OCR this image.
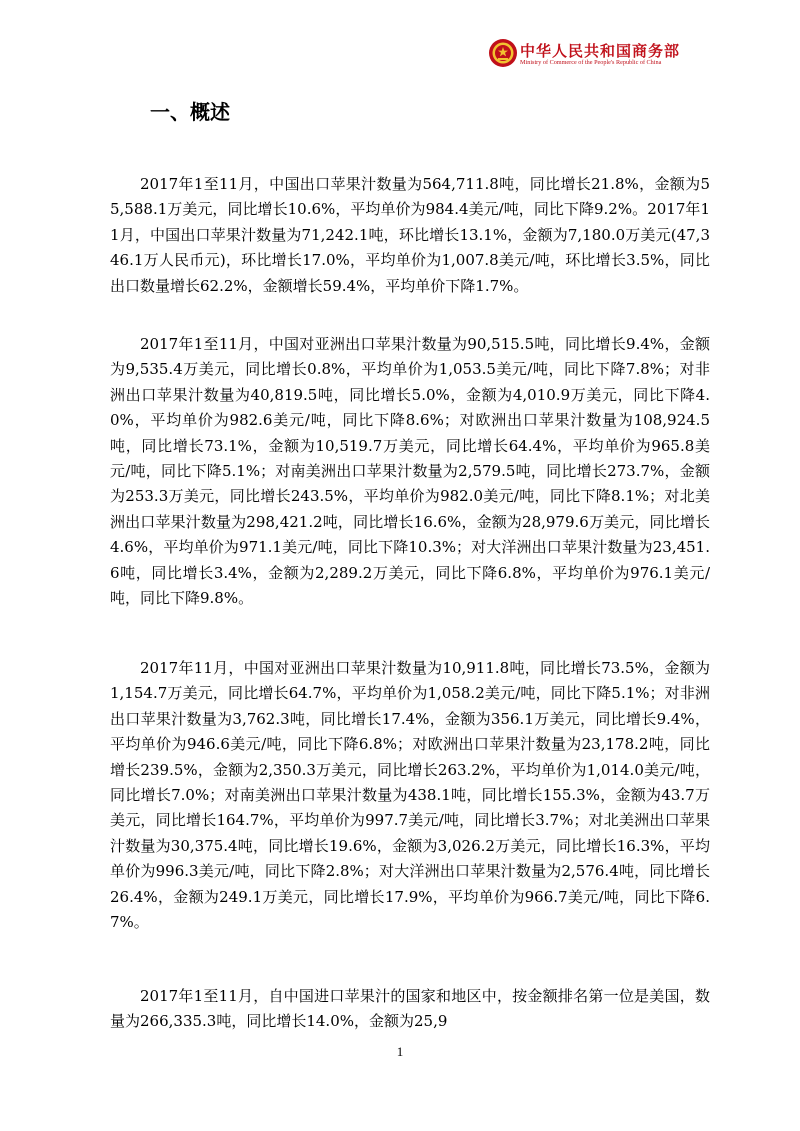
中华人民共和国商务部
Ministry of Commerce of the People's Republic of China
一、概述

2017年1至11月，中国出口苹果汁数量为564,711.8吨，同比增长21.8%，金额为55,588.1万美元，同比增长10.6%，平均单价为984.4美元/吨，同比下降9.2%。2017年11月，中国出口苹果汁数量为71,242.1吨，环比增长13.1%，金额为7,180.0万美元(47,346.1万人民币元)，环比增长17.0%，平均单价为1,007.8美元/吨，环比增长3.5%，同比出口数量增长62.2%，金额增长59.4%，平均单价下降1.7%。

2017年1至11月，中国对亚洲出口苹果汁数量为90,515.5吨，同比增长9.4%，金额为9,535.4万美元，同比增长0.8%，平均单价为1,053.5美元/吨，同比下降7.8%；对非洲出口苹果汁数量为40,819.5吨，同比增长5.0%，金额为4,010.9万美元，同比下降4.0%，平均单价为982.6美元/吨，同比下降8.6%；对欧洲出口苹果汁数量为108,924.5吨，同比增长73.1%，金额为10,519.7万美元，同比增长64.4%，平均单价为965.8美元/吨，同比下降5.1%；对南美洲出口苹果汁数量为2,579.5吨，同比增长273.7%，金额为253.3万美元，同比增长243.5%，平均单价为982.0美元/吨，同比下降8.1%；对北美洲出口苹果汁数量为298,421.2吨，同比增长16.6%，金额为28,979.6万美元，同比增长4.6%，平均单价为971.1美元/吨，同比下降10.3%；对大洋洲出口苹果汁数量为23,451.6吨，同比增长3.4%，金额为2,289.2万美元，同比下降6.8%，平均单价为976.1美元/吨，同比下降9.8%。

2017年11月，中国对亚洲出口苹果汁数量为10,911.8吨，同比增长73.5%，金额为1,154.7万美元，同比增长64.7%，平均单价为1,058.2美元/吨，同比下降5.1%；对非洲出口苹果汁数量为3,762.3吨，同比增长17.4%，金额为356.1万美元，同比增长9.4%，平均单价为946.6美元/吨，同比下降6.8%；对欧洲出口苹果汁数量为23,178.2吨，同比增长239.5%，金额为2,350.3万美元，同比增长263.2%，平均单价为1,014.0美元/吨，同比增长7.0%；对南美洲出口苹果汁数量为438.1吨，同比增长155.3%，金额为43.7万美元，同比增长164.7%，平均单价为997.7美元/吨，同比增长3.7%；对北美洲出口苹果汁数量为30,375.4吨，同比增长19.6%，金额为3,026.2万美元，同比增长16.3%，平均单价为996.3美元/吨，同比下降2.8%；对大洋洲出口苹果汁数量为2,576.4吨，同比增长26.4%，金额为249.1万美元，同比增长17.9%，平均单价为966.7美元/吨，同比下降6.7%。

2017年1至11月，自中国进口苹果汁的国家和地区中，按金额排名第一位是美国，数量为266,335.3吨，同比增长14.0%，金额为25,9

1
